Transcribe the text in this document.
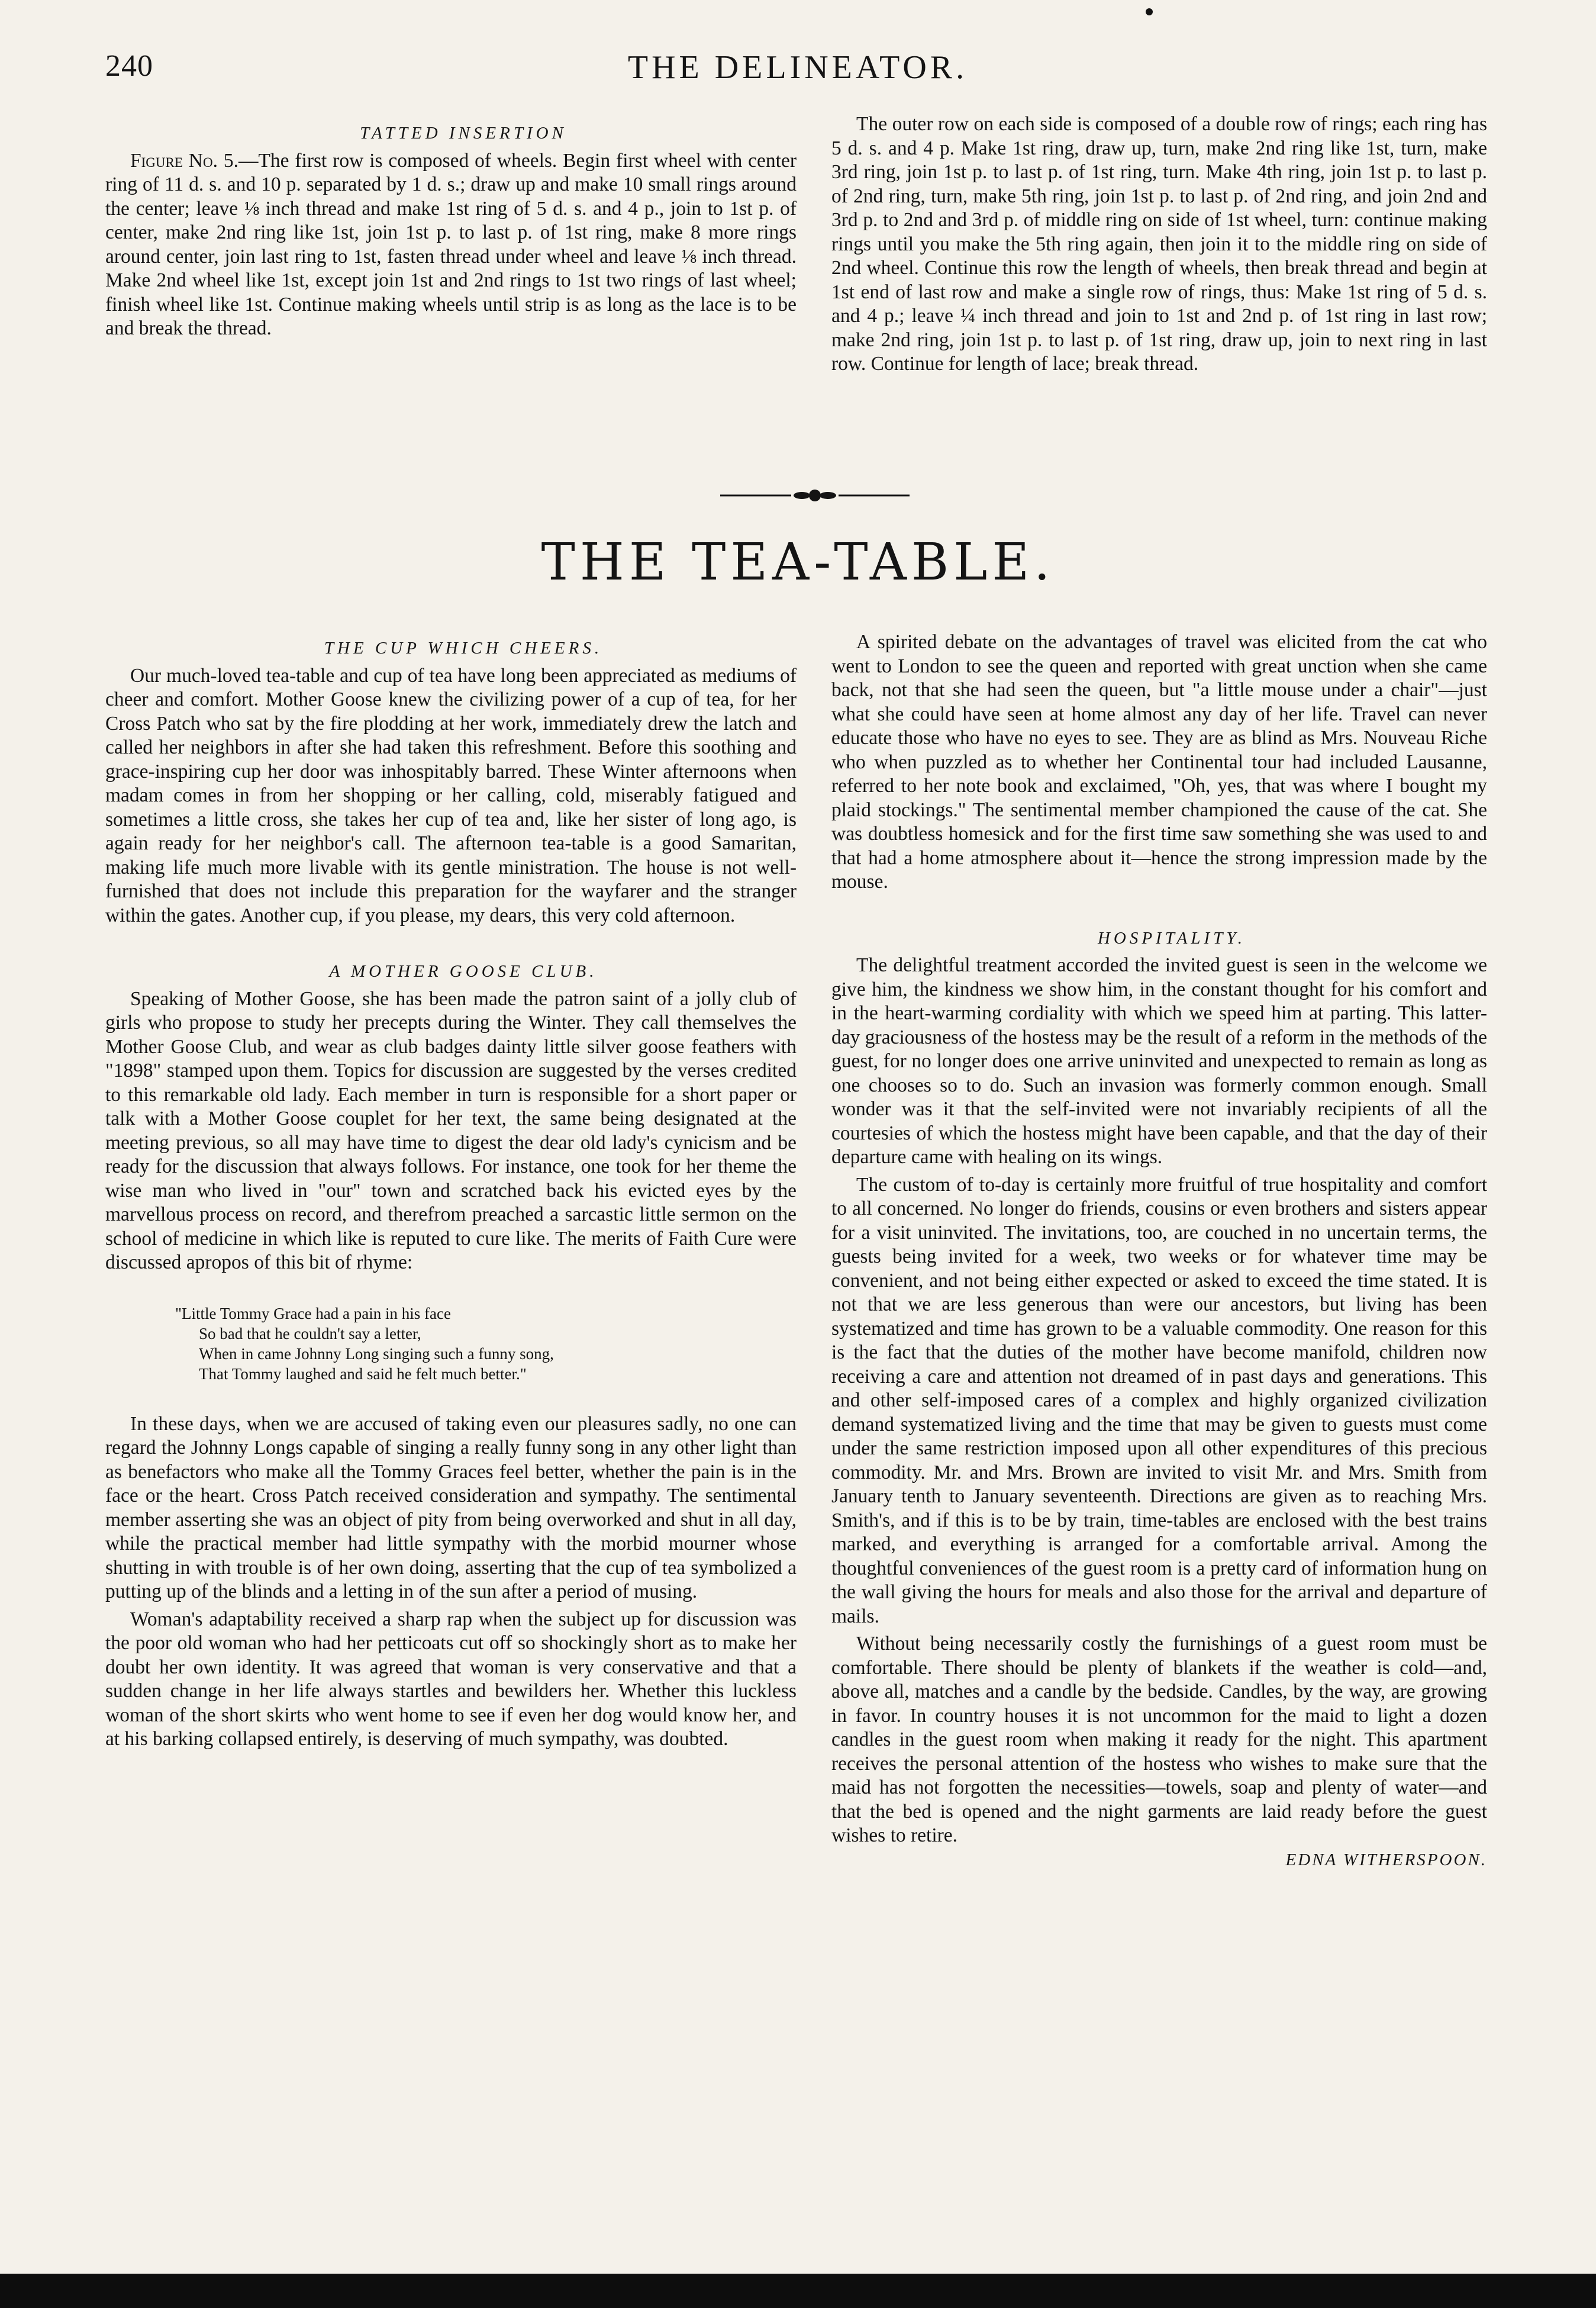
240	THE DELINEATOR.

TATTED INSERTION

Figure No. 5.—The first row is composed of wheels. Begin first wheel with center ring of 11 d. s. and 10 p. separated by 1 d. s.; draw up and make 10 small rings around the center; leave ⅛ inch thread and make 1st ring of 5 d. s. and 4 p., join to 1st p. of center, make 2nd ring like 1st, join 1st p. to last p. of 1st ring, make 8 more rings around center, join last ring to 1st, fasten thread under wheel and leave ⅛ inch thread. Make 2nd wheel like 1st, except join 1st and 2nd rings to 1st two rings of last wheel; finish wheel like 1st. Continue making wheels until strip is as long as the lace is to be and break the thread.

The outer row on each side is composed of a double row of rings; each ring has 5 d. s. and 4 p. Make 1st ring, draw up, turn, make 2nd ring like 1st, turn, make 3rd ring, join 1st p. to last p. of 1st ring, turn. Make 4th ring, join 1st p. to last p. of 2nd ring, turn, make 5th ring, join 1st p. to last p. of 2nd ring, and join 2nd and 3rd p. to 2nd and 3rd p. of middle ring on side of 1st wheel, turn: continue making rings until you make the 5th ring again, then join it to the middle ring on side of 2nd wheel. Continue this row the length of wheels, then break thread and begin at 1st end of last row and make a single row of rings, thus: Make 1st ring of 5 d. s. and 4 p.; leave ¼ inch thread and join to 1st and 2nd p. of 1st ring in last row; make 2nd ring, join 1st p. to last p. of 1st ring, draw up, join to next ring in last row. Continue for length of lace; break thread.

THE TEA-TABLE.

THE CUP WHICH CHEERS.

Our much-loved tea-table and cup of tea have long been appreciated as mediums of cheer and comfort. Mother Goose knew the civilizing power of a cup of tea, for her Cross Patch who sat by the fire plodding at her work, immediately drew the latch and called her neighbors in after she had taken this refreshment. Before this soothing and grace-inspiring cup her door was inhospitably barred. These Winter afternoons when madam comes in from her shopping or her calling, cold, miserably fatigued and sometimes a little cross, she takes her cup of tea and, like her sister of long ago, is again ready for her neighbor's call. The afternoon tea-table is a good Samaritan, making life much more livable with its gentle ministration. The house is not well-furnished that does not include this preparation for the wayfarer and the stranger within the gates. Another cup, if you please, my dears, this very cold afternoon.

A MOTHER GOOSE CLUB.

Speaking of Mother Goose, she has been made the patron saint of a jolly club of girls who propose to study her precepts during the Winter. They call themselves the Mother Goose Club, and wear as club badges dainty little silver goose feathers with "1898" stamped upon them. Topics for discussion are suggested by the verses credited to this remarkable old lady. Each member in turn is responsible for a short paper or talk with a Mother Goose couplet for her text, the same being designated at the meeting previous, so all may have time to digest the dear old lady's cynicism and be ready for the discussion that always follows. For instance, one took for her theme the wise man who lived in "our" town and scratched back his evicted eyes by the marvellous process on record, and therefrom preached a sarcastic little sermon on the school of medicine in which like is reputed to cure like. The merits of Faith Cure were discussed apropos of this bit of rhyme:

"Little Tommy Grace had a pain in his face
So bad that he couldn't say a letter,
When in came Johnny Long singing such a funny song,
That Tommy laughed and said he felt much better."

In these days, when we are accused of taking even our pleasures sadly, no one can regard the Johnny Longs capable of singing a really funny song in any other light than as benefactors who make all the Tommy Graces feel better, whether the pain is in the face or the heart. Cross Patch received consideration and sympathy. The sentimental member asserting she was an object of pity from being overworked and shut in all day, while the practical member had little sympathy with the morbid mourner whose shutting in with trouble is of her own doing, asserting that the cup of tea symbolized a putting up of the blinds and a letting in of the sun after a period of musing.

Woman's adaptability received a sharp rap when the subject up for discussion was the poor old woman who had her petticoats cut off so shockingly short as to make her doubt her own identity. It was agreed that woman is very conservative and that a sudden change in her life always startles and bewilders her. Whether this luckless woman of the short skirts who went home to see if even her dog would know her, and at his barking collapsed entirely, is deserving of much sympathy, was doubted.

A spirited debate on the advantages of travel was elicited from the cat who went to London to see the queen and reported with great unction when she came back, not that she had seen the queen, but "a little mouse under a chair"—just what she could have seen at home almost any day of her life. Travel can never educate those who have no eyes to see. They are as blind as Mrs. Nouveau Riche who when puzzled as to whether her Continental tour had included Lausanne, referred to her note book and exclaimed, "Oh, yes, that was where I bought my plaid stockings." The sentimental member championed the cause of the cat. She was doubtless homesick and for the first time saw something she was used to and that had a home atmosphere about it—hence the strong impression made by the mouse.

HOSPITALITY.

The delightful treatment accorded the invited guest is seen in the welcome we give him, the kindness we show him, in the constant thought for his comfort and in the heart-warming cordiality with which we speed him at parting. This latter-day graciousness of the hostess may be the result of a reform in the methods of the guest, for no longer does one arrive uninvited and unexpected to remain as long as one chooses so to do. Such an invasion was formerly common enough. Small wonder was it that the self-invited were not invariably recipients of all the courtesies of which the hostess might have been capable, and that the day of their departure came with healing on its wings.

The custom of to-day is certainly more fruitful of true hospitality and comfort to all concerned. No longer do friends, cousins or even brothers and sisters appear for a visit uninvited. The invitations, too, are couched in no uncertain terms, the guests being invited for a week, two weeks or for whatever time may be convenient, and not being either expected or asked to exceed the time stated. It is not that we are less generous than were our ancestors, but living has been systematized and time has grown to be a valuable commodity. One reason for this is the fact that the duties of the mother have become manifold, children now receiving a care and attention not dreamed of in past days and generations. This and other self-imposed cares of a complex and highly organized civilization demand systematized living and the time that may be given to guests must come under the same restriction imposed upon all other expenditures of this precious commodity. Mr. and Mrs. Brown are invited to visit Mr. and Mrs. Smith from January tenth to January seventeenth. Directions are given as to reaching Mrs. Smith's, and if this is to be by train, time-tables are enclosed with the best trains marked, and everything is arranged for a comfortable arrival. Among the thoughtful conveniences of the guest room is a pretty card of information hung on the wall giving the hours for meals and also those for the arrival and departure of mails.

Without being necessarily costly the furnishings of a guest room must be comfortable. There should be plenty of blankets if the weather is cold—and, above all, matches and a candle by the bedside. Candles, by the way, are growing in favor. In country houses it is not uncommon for the maid to light a dozen candles in the guest room when making it ready for the night. This apartment receives the personal attention of the hostess who wishes to make sure that the maid has not forgotten the necessities—towels, soap and plenty of water—and that the bed is opened and the night garments are laid ready before the guest wishes to retire.

EDNA WITHERSPOON.
